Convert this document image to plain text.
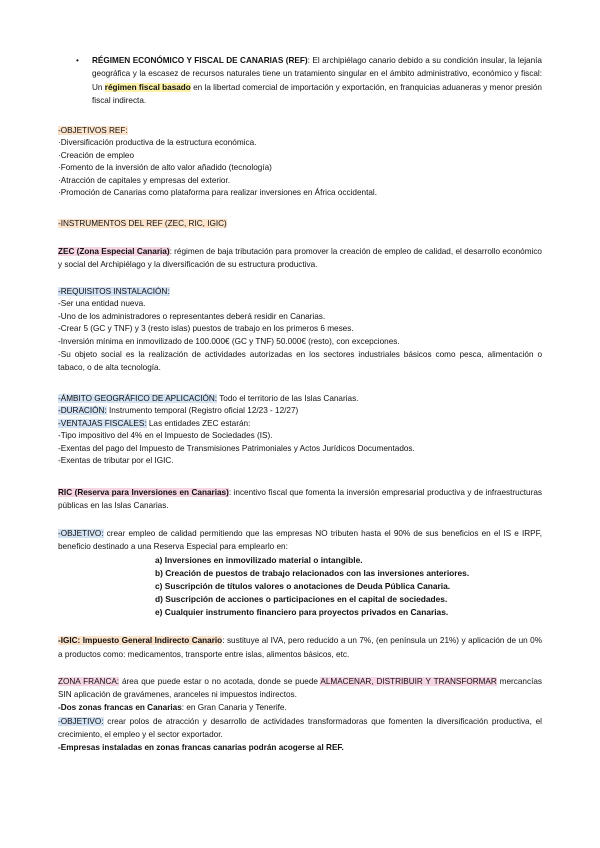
• RÉGIMEN ECONÓMICO Y FISCAL DE CANARIAS (REF): El archipiélago canario debido a su condición insular, la lejanía geográfica y la escasez de recursos naturales tiene un tratamiento singular en el ámbito administrativo, económico y fiscal: Un régimen fiscal basado en la libertad comercial de importación y exportación, en franquicias aduaneras y menor presión fiscal indirecta.
-OBJETIVOS REF:
·Diversificación productiva de la estructura económica.
·Creación de empleo
·Fomento de la inversión de alto valor añadido (tecnología)
·Atracción de capitales y empresas del exterior.
·Promoción de Canarias como plataforma para realizar inversiones en África occidental.
-INSTRUMENTOS DEL REF (ZEC, RIC, IGIC)
ZEC (Zona Especial Canaria): régimen de baja tributación para promover la creación de empleo de calidad, el desarrollo económico y social del Archipiélago y la diversificación de su estructura productiva.
-REQUISITOS INSTALACIÓN:
-Ser una entidad nueva.
-Uno de los administradores o representantes deberá residir en Canarias.
-Crear 5 (GC y TNF) y 3 (resto islas) puestos de trabajo en los primeros 6 meses.
-Inversión mínima en inmovilizado de 100.000€ (GC y TNF) 50.000€ (resto), con excepciones.
-Su objeto social es la realización de actividades autorizadas en los sectores industriales básicos como pesca, alimentación o tabaco, o de alta tecnología.
-ÁMBITO GEOGRÁFICO DE APLICACIÓN: Todo el territorio de las Islas Canarias.
-DURACIÓN: Instrumento temporal (Registro oficial 12/23 - 12/27)
-VENTAJAS FISCALES: Las entidades ZEC estarán:
-Tipo impositivo del 4% en el Impuesto de Sociedades (IS).
-Exentas del pago del Impuesto de Transmisiones Patrimoniales y Actos Jurídicos Documentados.
-Exentas de tributar por el IGIC.
RIC (Reserva para Inversiones en Canarias): incentivo fiscal que fomenta la inversión empresarial productiva y de infraestructuras públicas en las Islas Canarias.
-OBJETIVO: crear empleo de calidad permitiendo que las empresas NO tributen hasta el 90% de sus beneficios en el IS e IRPF, beneficio destinado a una Reserva Especial para emplearlo en:
a) Inversiones en inmovilizado material o intangible.
b) Creación de puestos de trabajo relacionados con las inversiones anteriores.
c) Suscripción de títulos valores o anotaciones de Deuda Pública Canaria.
d) Suscripción de acciones o participaciones en el capital de sociedades.
e) Cualquier instrumento financiero para proyectos privados en Canarias.
-IGIC: Impuesto General Indirecto Canario: sustituye al IVA, pero reducido a un 7%, (en península un 21%) y aplicación de un 0% a productos como: medicamentos, transporte entre islas, alimentos básicos, etc.
ZONA FRANCA: área que puede estar o no acotada, donde se puede ALMACENAR, DISTRIBUIR Y TRANSFORMAR mercancías SIN aplicación de gravámenes, aranceles ni impuestos indirectos.
-Dos zonas francas en Canarias: en Gran Canaria y Tenerife.
-OBJETIVO: crear polos de atracción y desarrollo de actividades transformadoras que fomenten la diversificación productiva, el crecimiento, el empleo y el sector exportador.
-Empresas instaladas en zonas francas canarias podrán acogerse al REF.
